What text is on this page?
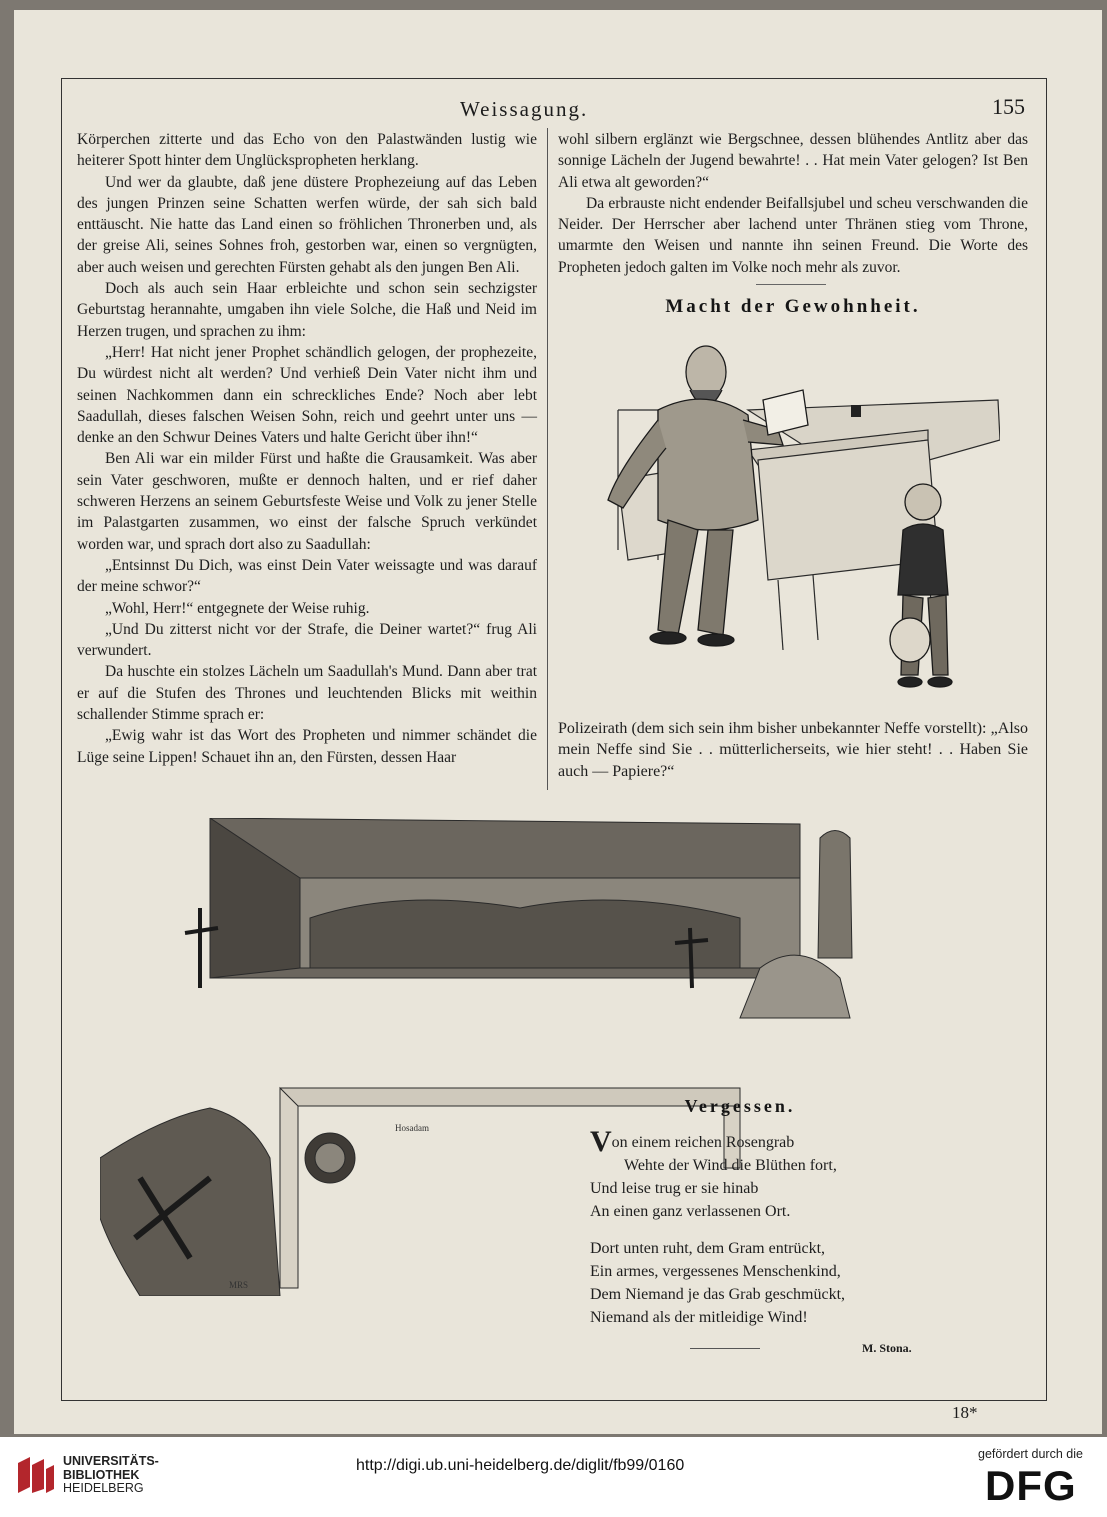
Weissagung.	155

Körperchen zitterte und das Echo von den Palastwänden lustig wie heiterer Spott hinter dem Unglückspropheten herklang.

Und wer da glaubte, daß jene düstere Prophezeiung auf das Leben des jungen Prinzen seine Schatten werfen würde, der sah sich bald enttäuscht. Nie hatte das Land einen so fröhlichen Thronerben und, als der greise Ali, seines Sohnes froh, gestorben war, einen so vergnügten, aber auch weisen und gerechten Fürsten gehabt als den jungen Ben Ali.

Doch als auch sein Haar erbleichte und schon sein sechzigster Geburtstag herannahte, umgaben ihn viele Solche, die Haß und Neid im Herzen trugen, und sprachen zu ihm:

„Herr! Hat nicht jener Prophet schändlich gelogen, der prophezeite, Du würdest nicht alt werden? Und verhieß Dein Vater nicht ihm und seinen Nachkommen dann ein schreckliches Ende? Noch aber lebt Saadullah, dieses falschen Weisen Sohn, reich und geehrt unter uns — denke an den Schwur Deines Vaters und halte Gericht über ihn!“

Ben Ali war ein milder Fürst und haßte die Grausamkeit. Was aber sein Vater geschworen, mußte er dennoch halten, und er rief daher schweren Herzens an seinem Geburtsfeste Weise und Volk zu jener Stelle im Palastgarten zusammen, wo einst der falsche Spruch verkündet worden war, und sprach dort also zu Saadullah:

„Entsinnst Du Dich, was einst Dein Vater weissagte und was darauf der meine schwor?“

„Wohl, Herr!“ entgegnete der Weise ruhig.

„Und Du zitterst nicht vor der Strafe, die Deiner wartet?“ frug Ali verwundert.

Da huschte ein stolzes Lächeln um Saadullah's Mund. Dann aber trat er auf die Stufen des Thrones und leuchtenden Blicks mit weithin schallender Stimme sprach er:

„Ewig wahr ist das Wort des Propheten und nimmer schändet die Lüge seine Lippen! Schauet ihn an, den Fürsten, dessen Haar

wohl silbern erglänzt wie Bergschnee, dessen blühendes Antlitz aber das sonnige Lächeln der Jugend bewahrte! . . Hat mein Vater gelogen? Ist Ben Ali etwa alt geworden?“

Da erbrauste nicht endender Beifallsjubel und scheu verschwanden die Neider. Der Herrscher aber lachend unter Thränen stieg vom Throne, umarmte den Weisen und nannte ihn seinen Freund. Die Worte des Propheten jedoch galten im Volke noch mehr als zuvor.

Macht der Gewohnheit.
Polizeirath (dem sich sein ihm bisher unbekannter Neffe vorstellt): „Also mein Neffe sind Sie . . mütterlicherseits, wie hier steht! . . Haben Sie auch — Papiere?“
Hosadam
MRS
Vergessen.
Von einem reichen Rosengrab
Wehte der Wind die Blüthen fort,
Und leise trug er sie hinab
An einen ganz verlassenen Ort.
Dort unten ruht, dem Gram entrückt,
Ein armes, vergessenes Menschenkind,
Dem Niemand je das Grab geschmückt,
Niemand als der mitleidige Wind!
M. Stona.
18*
UNIVERSITÄTS-
BIBLIOTHEK
HEIDELBERG
http://digi.ub.uni-heidelberg.de/diglit/fb99/0160
gefördert durch die
DFG
